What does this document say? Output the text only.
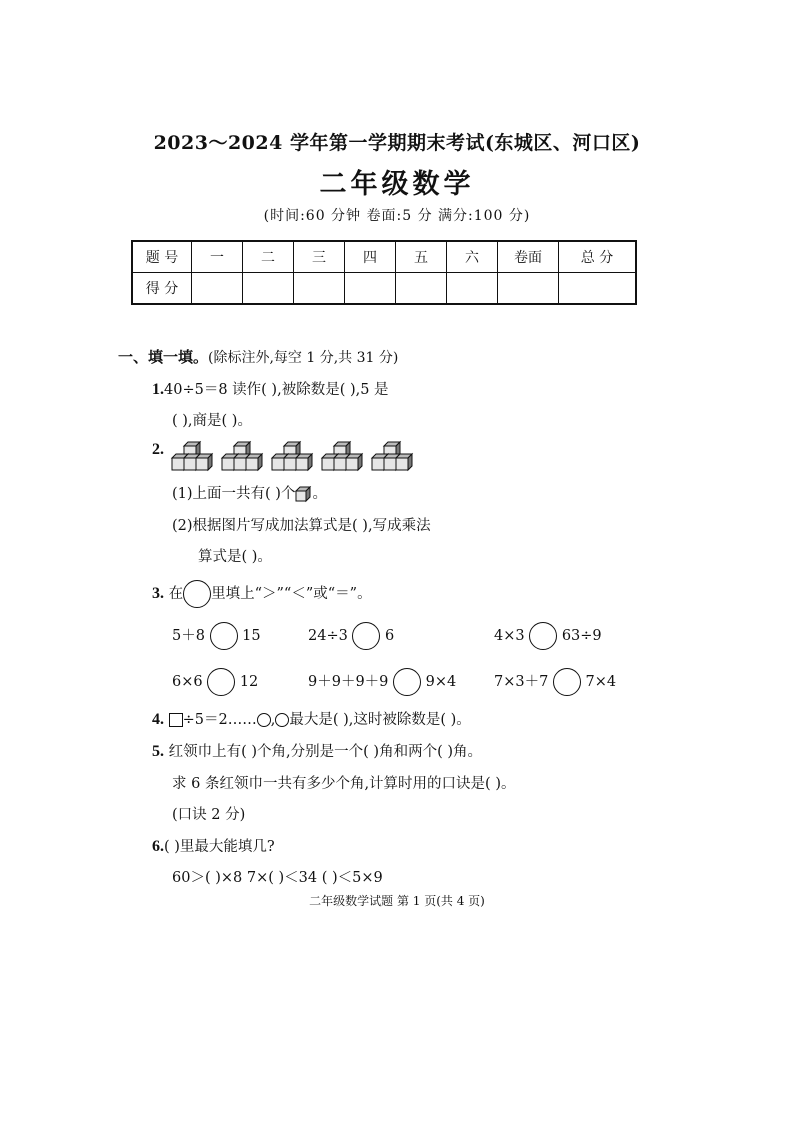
2023～2024 学年第一学期期末考试(东城区、河口区)
二年级数学
(时间:60 分钟 卷面:5 分 满分:100 分)
题 号	一	二	三	四	五	六	卷面	总 分
得 分								
一、填一填。(除标注外,每空 1 分,共 31 分)
1.40÷5＝8 读作( ),被除数是( ),5 是
( ),商是( )。
2.
(1)上面一共有( )个 。
(2)根据图片写成加法算式是( ),写成乘法
算式是( )。
3. 在 里填上“＞”“＜”或“＝”。
5＋8	15	24÷3	6	4×3	63÷9
6×6	12	9＋9＋9＋9	9×4	7×3＋7	7×4
4. ÷5＝2…… , 最大是( ),这时被除数是( )。
5. 红领巾上有( )个角,分别是一个( )角和两个( )角。
求 6 条红领巾一共有多少个角,计算时用的口诀是( )。
(口诀 2 分)
6.( )里最大能填几?
60＞( )×8 7×( )＜34 ( )＜5×9
二年级数学试题 第 1 页(共 4 页)
